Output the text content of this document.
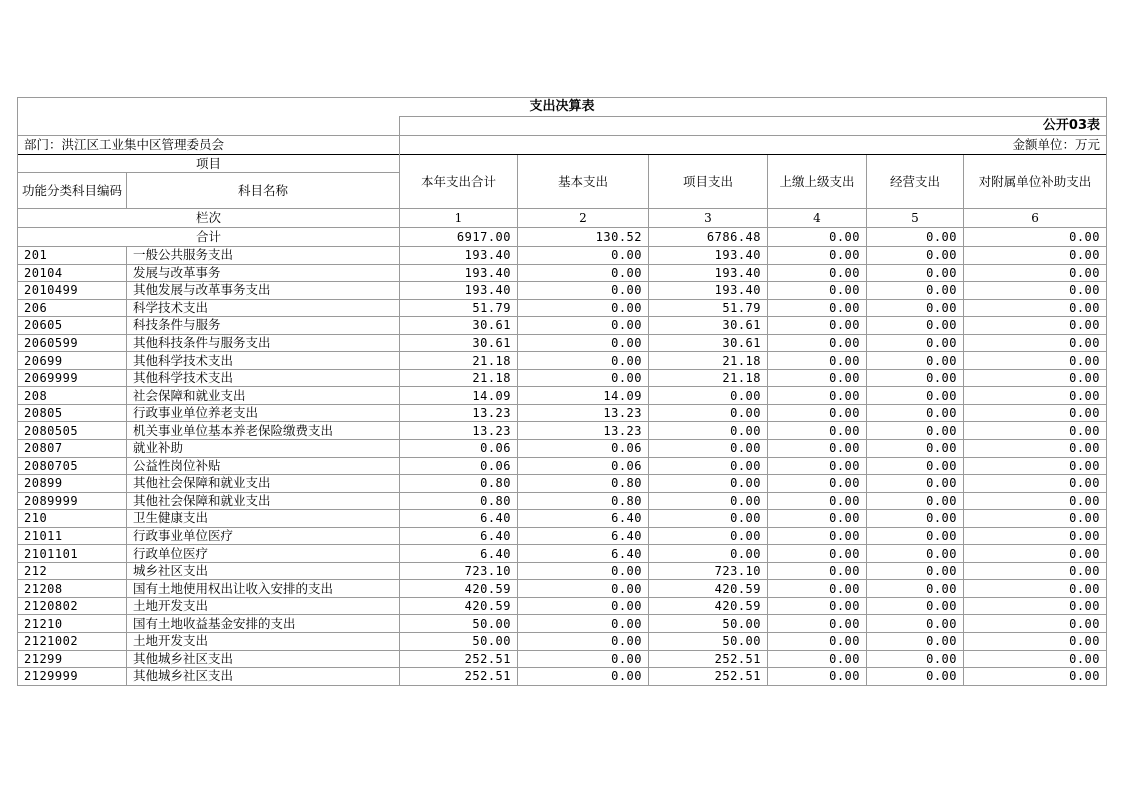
支出决算表							
		公开03表					
部门：洪江区工业集中区管理委员会		金额单位：万元					
项目		本年支出合计	基本支出	项目支出	上缴上级支出	经营支出	对附属单位补助支出
功能分类科目编码	科目名称						
栏次		1	2	3	4	5	6
合计		6917.00	130.52	6786.48	0.00	0.00	0.00
201	一般公共服务支出	193.40	0.00	193.40	0.00	0.00	0.00
20104	发展与改革事务	193.40	0.00	193.40	0.00	0.00	0.00
2010499	其他发展与改革事务支出	193.40	0.00	193.40	0.00	0.00	0.00
206	科学技术支出	51.79	0.00	51.79	0.00	0.00	0.00
20605	科技条件与服务	30.61	0.00	30.61	0.00	0.00	0.00
2060599	其他科技条件与服务支出	30.61	0.00	30.61	0.00	0.00	0.00
20699	其他科学技术支出	21.18	0.00	21.18	0.00	0.00	0.00
2069999	其他科学技术支出	21.18	0.00	21.18	0.00	0.00	0.00
208	社会保障和就业支出	14.09	14.09	0.00	0.00	0.00	0.00
20805	行政事业单位养老支出	13.23	13.23	0.00	0.00	0.00	0.00
2080505	机关事业单位基本养老保险缴费支出	13.23	13.23	0.00	0.00	0.00	0.00
20807	就业补助	0.06	0.06	0.00	0.00	0.00	0.00
2080705	公益性岗位补贴	0.06	0.06	0.00	0.00	0.00	0.00
20899	其他社会保障和就业支出	0.80	0.80	0.00	0.00	0.00	0.00
2089999	其他社会保障和就业支出	0.80	0.80	0.00	0.00	0.00	0.00
210	卫生健康支出	6.40	6.40	0.00	0.00	0.00	0.00
21011	行政事业单位医疗	6.40	6.40	0.00	0.00	0.00	0.00
2101101	行政单位医疗	6.40	6.40	0.00	0.00	0.00	0.00
212	城乡社区支出	723.10	0.00	723.10	0.00	0.00	0.00
21208	国有土地使用权出让收入安排的支出	420.59	0.00	420.59	0.00	0.00	0.00
2120802	土地开发支出	420.59	0.00	420.59	0.00	0.00	0.00
21210	国有土地收益基金安排的支出	50.00	0.00	50.00	0.00	0.00	0.00
2121002	土地开发支出	50.00	0.00	50.00	0.00	0.00	0.00
21299	其他城乡社区支出	252.51	0.00	252.51	0.00	0.00	0.00
2129999	其他城乡社区支出	252.51	0.00	252.51	0.00	0.00	0.00
